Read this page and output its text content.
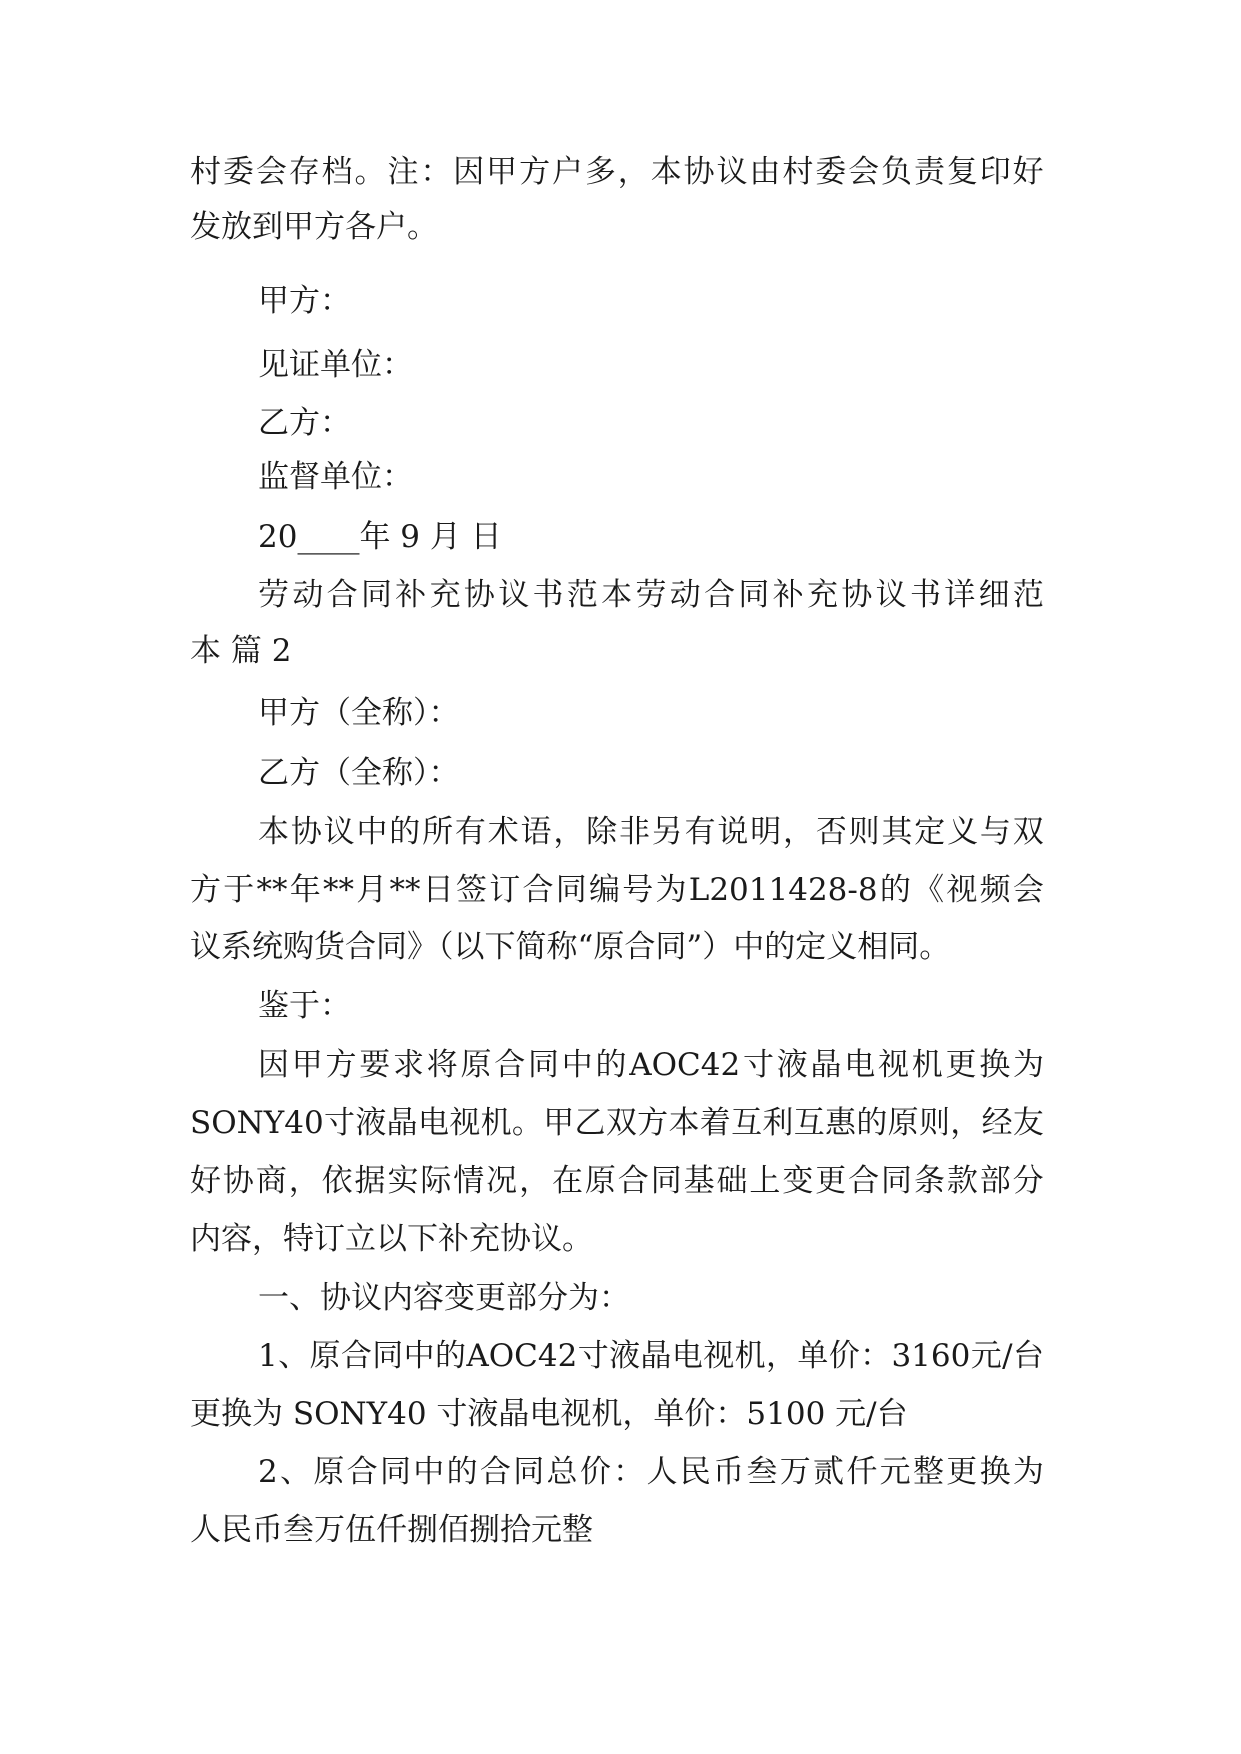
村 委 会 存 档 。 注 ： 因 甲 方 户 多 ， 本 协 议 由 村 委 会 负 责 复 印 好

发放到甲方各户。

甲方：

见证单位：

乙方：

监督单位：

20____年 9 月 日

劳 动 合 同 补 充 协 议 书 范 本 劳 动 合 同 补 充 协 议 书 详 细 范

本 篇 2

甲方（全称）：

乙方（全称）：

本 协 议 中 的 所 有 术 语 ， 除 非 另 有 说 明 ， 否 则 其 定 义 与 双

方 于 ** 年 ** 月 ** 日 签 订 合 同 编 号 为 L2011428-8 的 《 视 频 会

议系统购货合同》（以下简称“原合同”）中的定义相同。

鉴于：

因 甲 方 要 求 将 原 合 同 中 的 AOC42 寸 液 晶 电 视 机 更 换 为

SONY40 寸 液 晶 电 视 机 。 甲 乙 双 方 本 着 互 利 互 惠 的 原 则 ， 经 友

好 协 商 ， 依 据 实 际 情 况 ， 在 原 合 同 基 础 上 变 更 合 同 条 款 部 分

内容，特订立以下补充协议。

一、协议内容变更部分为：

1 、 原 合 同 中 的 AOC42 寸 液 晶 电 视 机 ， 单 价 ： 3160 元 / 台

更换为 SONY40 寸液晶电视机，单价：5100 元/台

2 、 原 合 同 中 的 合 同 总 价 ： 人 民 币 叁 万 贰 仟 元 整 更 换 为

人民币叁万伍仟捌佰捌拾元整
